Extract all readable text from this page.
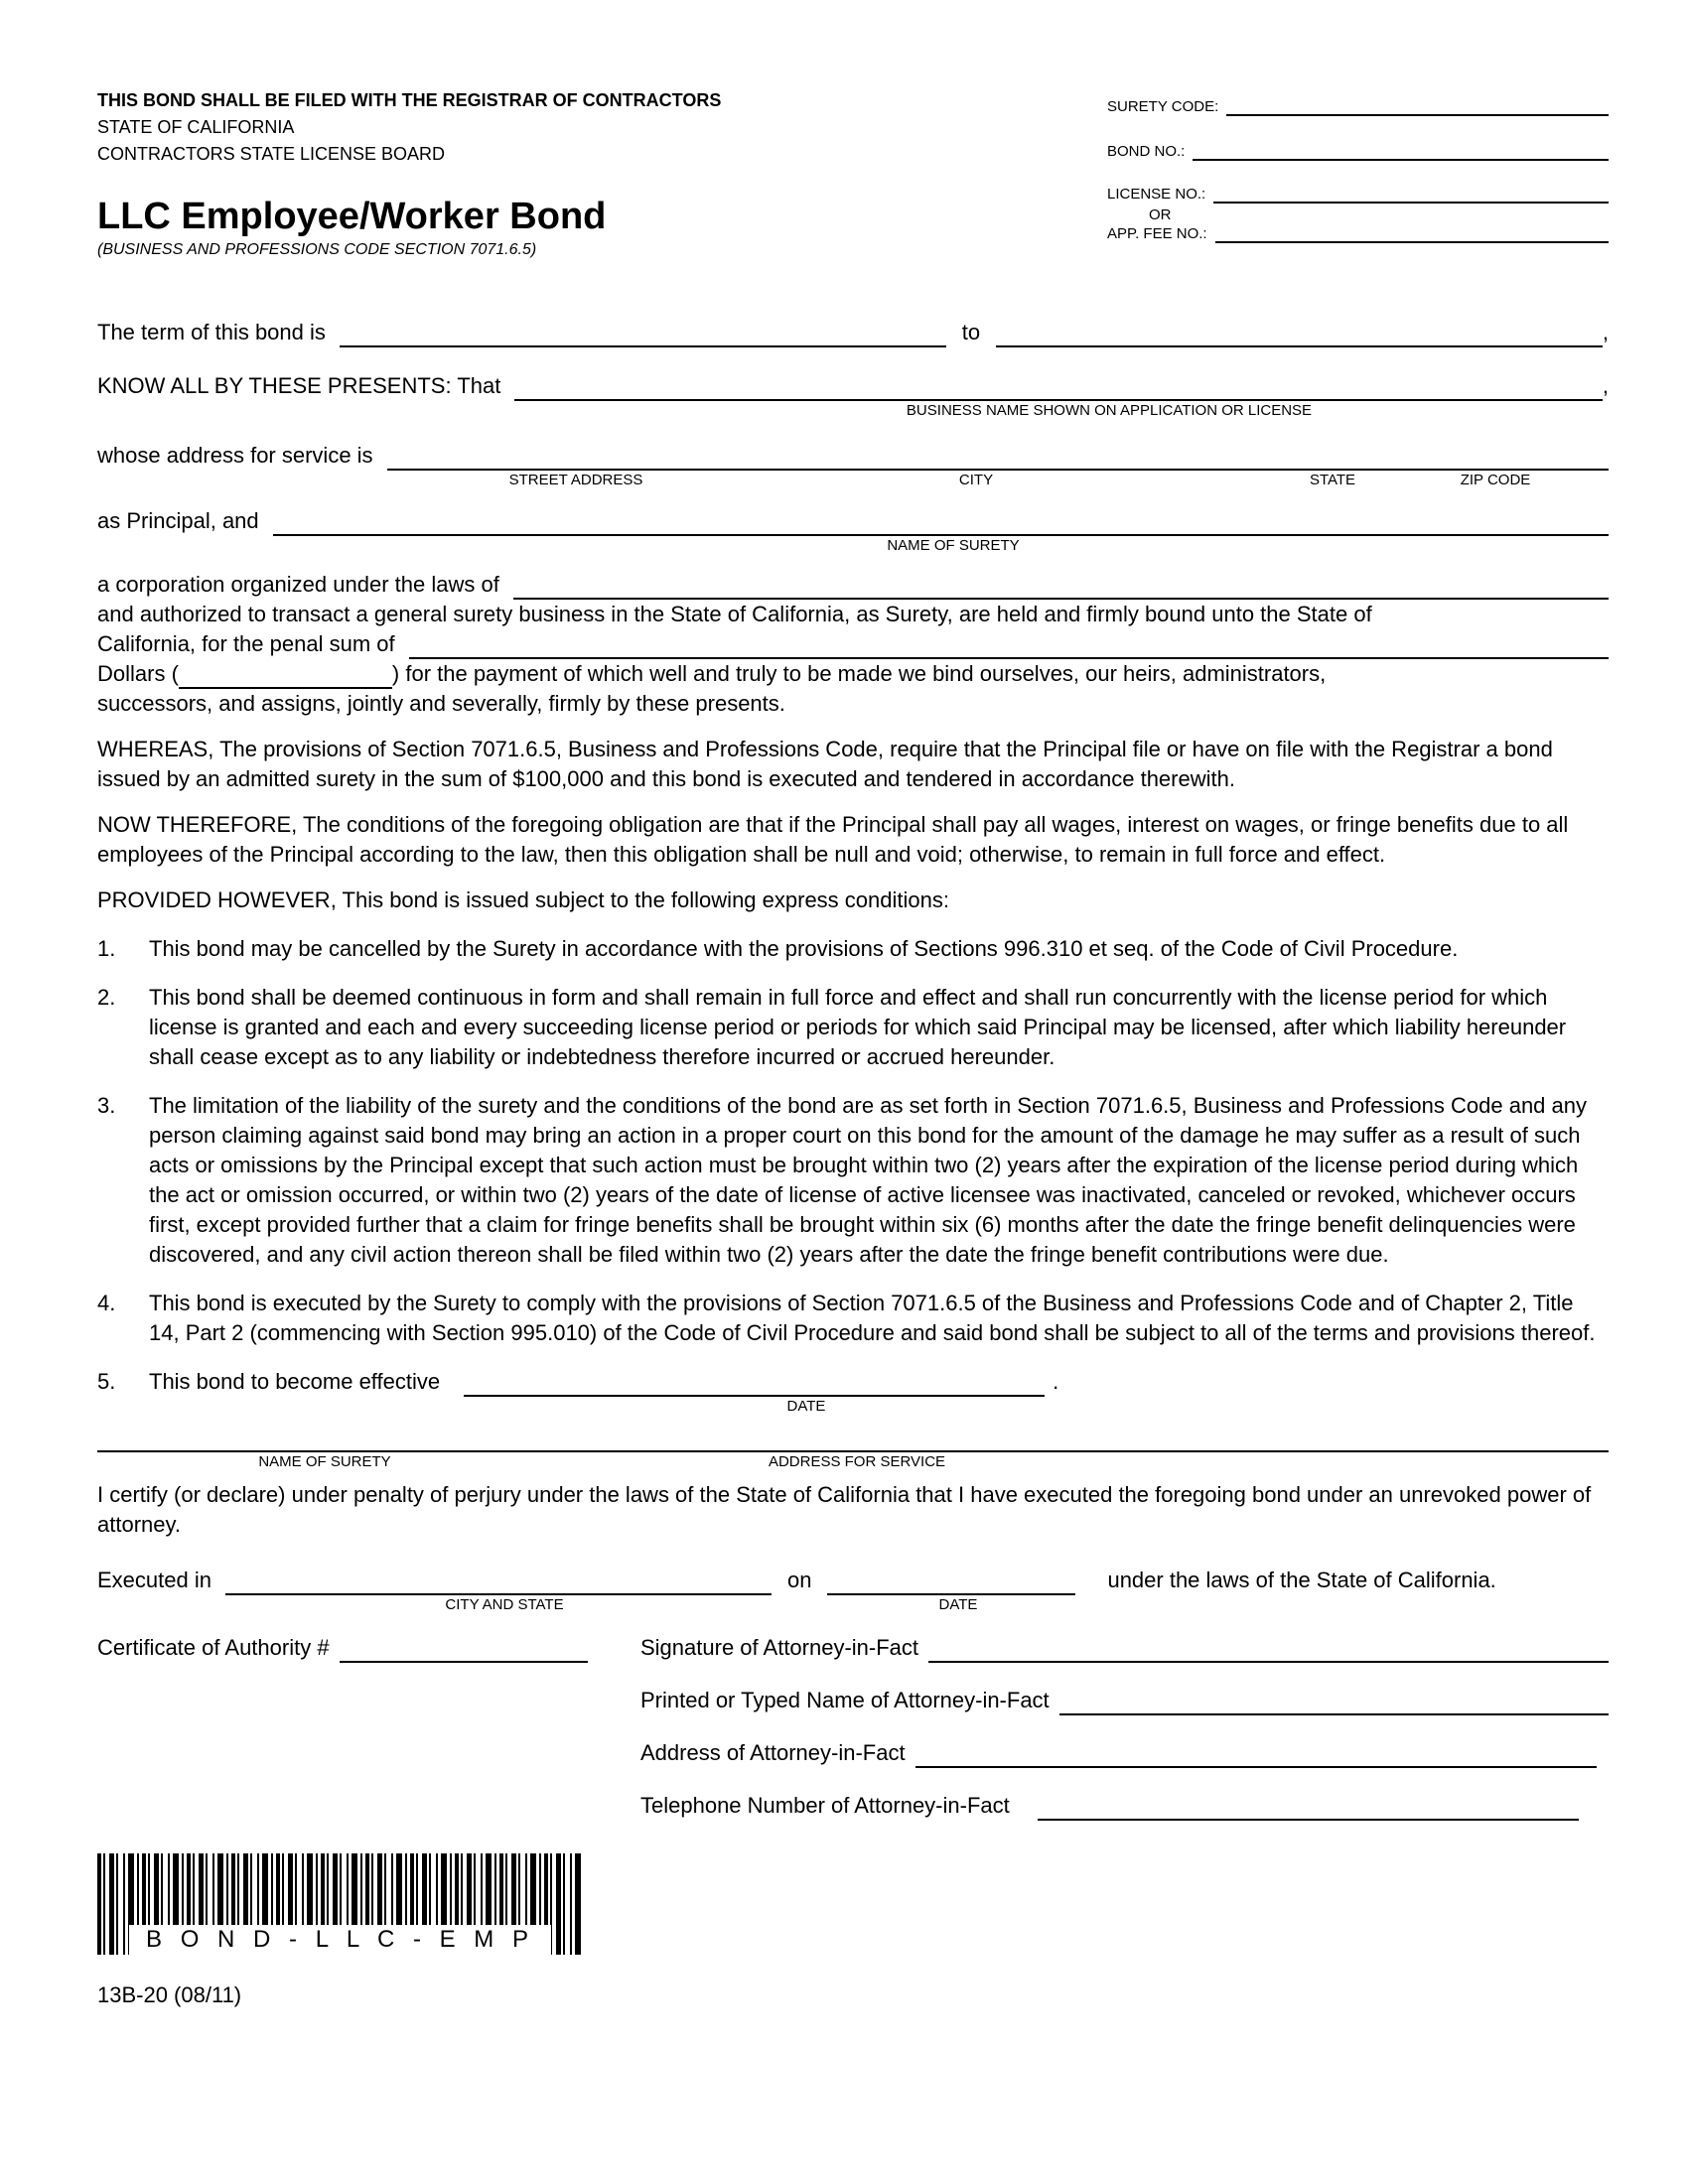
THIS BOND SHALL BE FILED WITH THE REGISTRAR OF CONTRACTORS
STATE OF CALIFORNIA
CONTRACTORS STATE LICENSE BOARD
LLC Employee/Worker Bond
(BUSINESS AND PROFESSIONS CODE SECTION 7071.6.5)
SURETY CODE:
BOND NO.:
LICENSE NO.:
OR
APP. FEE NO.:
The term of this bond is	to	,
KNOW ALL BY THESE PRESENTS: That	,
BUSINESS NAME SHOWN ON APPLICATION OR LICENSE
whose address for service is
STREET ADDRESS	CITY	STATE	ZIP CODE
as Principal, and
NAME OF SURETY
a corporation organized under the laws of
and authorized to transact a general surety business in the State of California, as Surety, are held and firmly bound unto the State of
California, for the penal sum of
Dollars (	) for the payment of which well and truly to be made we bind ourselves, our heirs, administrators,
successors, and assigns, jointly and severally, firmly by these presents.
WHEREAS, The provisions of Section 7071.6.5, Business and Professions Code, require that the Principal file or have on file with the Registrar a bond issued by an admitted surety in the sum of $100,000 and this bond is executed and tendered in accordance therewith.
NOW THEREFORE, The conditions of the foregoing obligation are that if the Principal shall pay all wages, interest on wages, or fringe benefits due to all employees of the Principal according to the law, then this obligation shall be null and void; otherwise, to remain in full force and effect.
PROVIDED HOWEVER, This bond is issued subject to the following express conditions:
1.	This bond may be cancelled by the Surety in accordance with the provisions of Sections 996.310 et seq. of the Code of Civil Procedure.
2.	This bond shall be deemed continuous in form and shall remain in full force and effect and shall run concurrently with the license period for which license is granted and each and every succeeding license period or periods for which said Principal may be licensed, after which liability hereunder shall cease except as to any liability or indebtedness therefore incurred or accrued hereunder.
3.	The limitation of the liability of the surety and the conditions of the bond are as set forth in Section 7071.6.5, Business and Professions Code and any person claiming against said bond may bring an action in a proper court on this bond for the amount of the damage he may suffer as a result of such acts or omissions by the Principal except that such action must be brought within two (2) years after the expiration of the license period during which the act or omission occurred, or within two (2) years of the date of license of active licensee was inactivated, canceled or revoked, whichever occurs first, except provided further that a claim for fringe benefits shall be brought within six (6) months after the date the fringe benefit delinquencies were discovered, and any civil action thereon shall be filed within two (2) years after the date the fringe benefit contributions were due.
4.	This bond is executed by the Surety to comply with the provisions of Section 7071.6.5 of the Business and Professions Code and of Chapter 2, Title 14, Part 2 (commencing with Section 995.010) of the Code of Civil Procedure and said bond shall be subject to all of the terms and provisions thereof.
5.	This bond to become effective	.
DATE
NAME OF SURETY	ADDRESS FOR SERVICE
I certify (or declare) under penalty of perjury under the laws of the State of California that I have executed the foregoing bond under an unrevoked power of attorney.
Executed in	on	under the laws of the State of California.
CITY AND STATE	DATE
Certificate of Authority #	Signature of Attorney-in-Fact
Printed or Typed Name of Attorney-in-Fact
Address of Attorney-in-Fact
Telephone Number of Attorney-in-Fact
B O N D - L L C - E M P
13B-20 (08/11)
